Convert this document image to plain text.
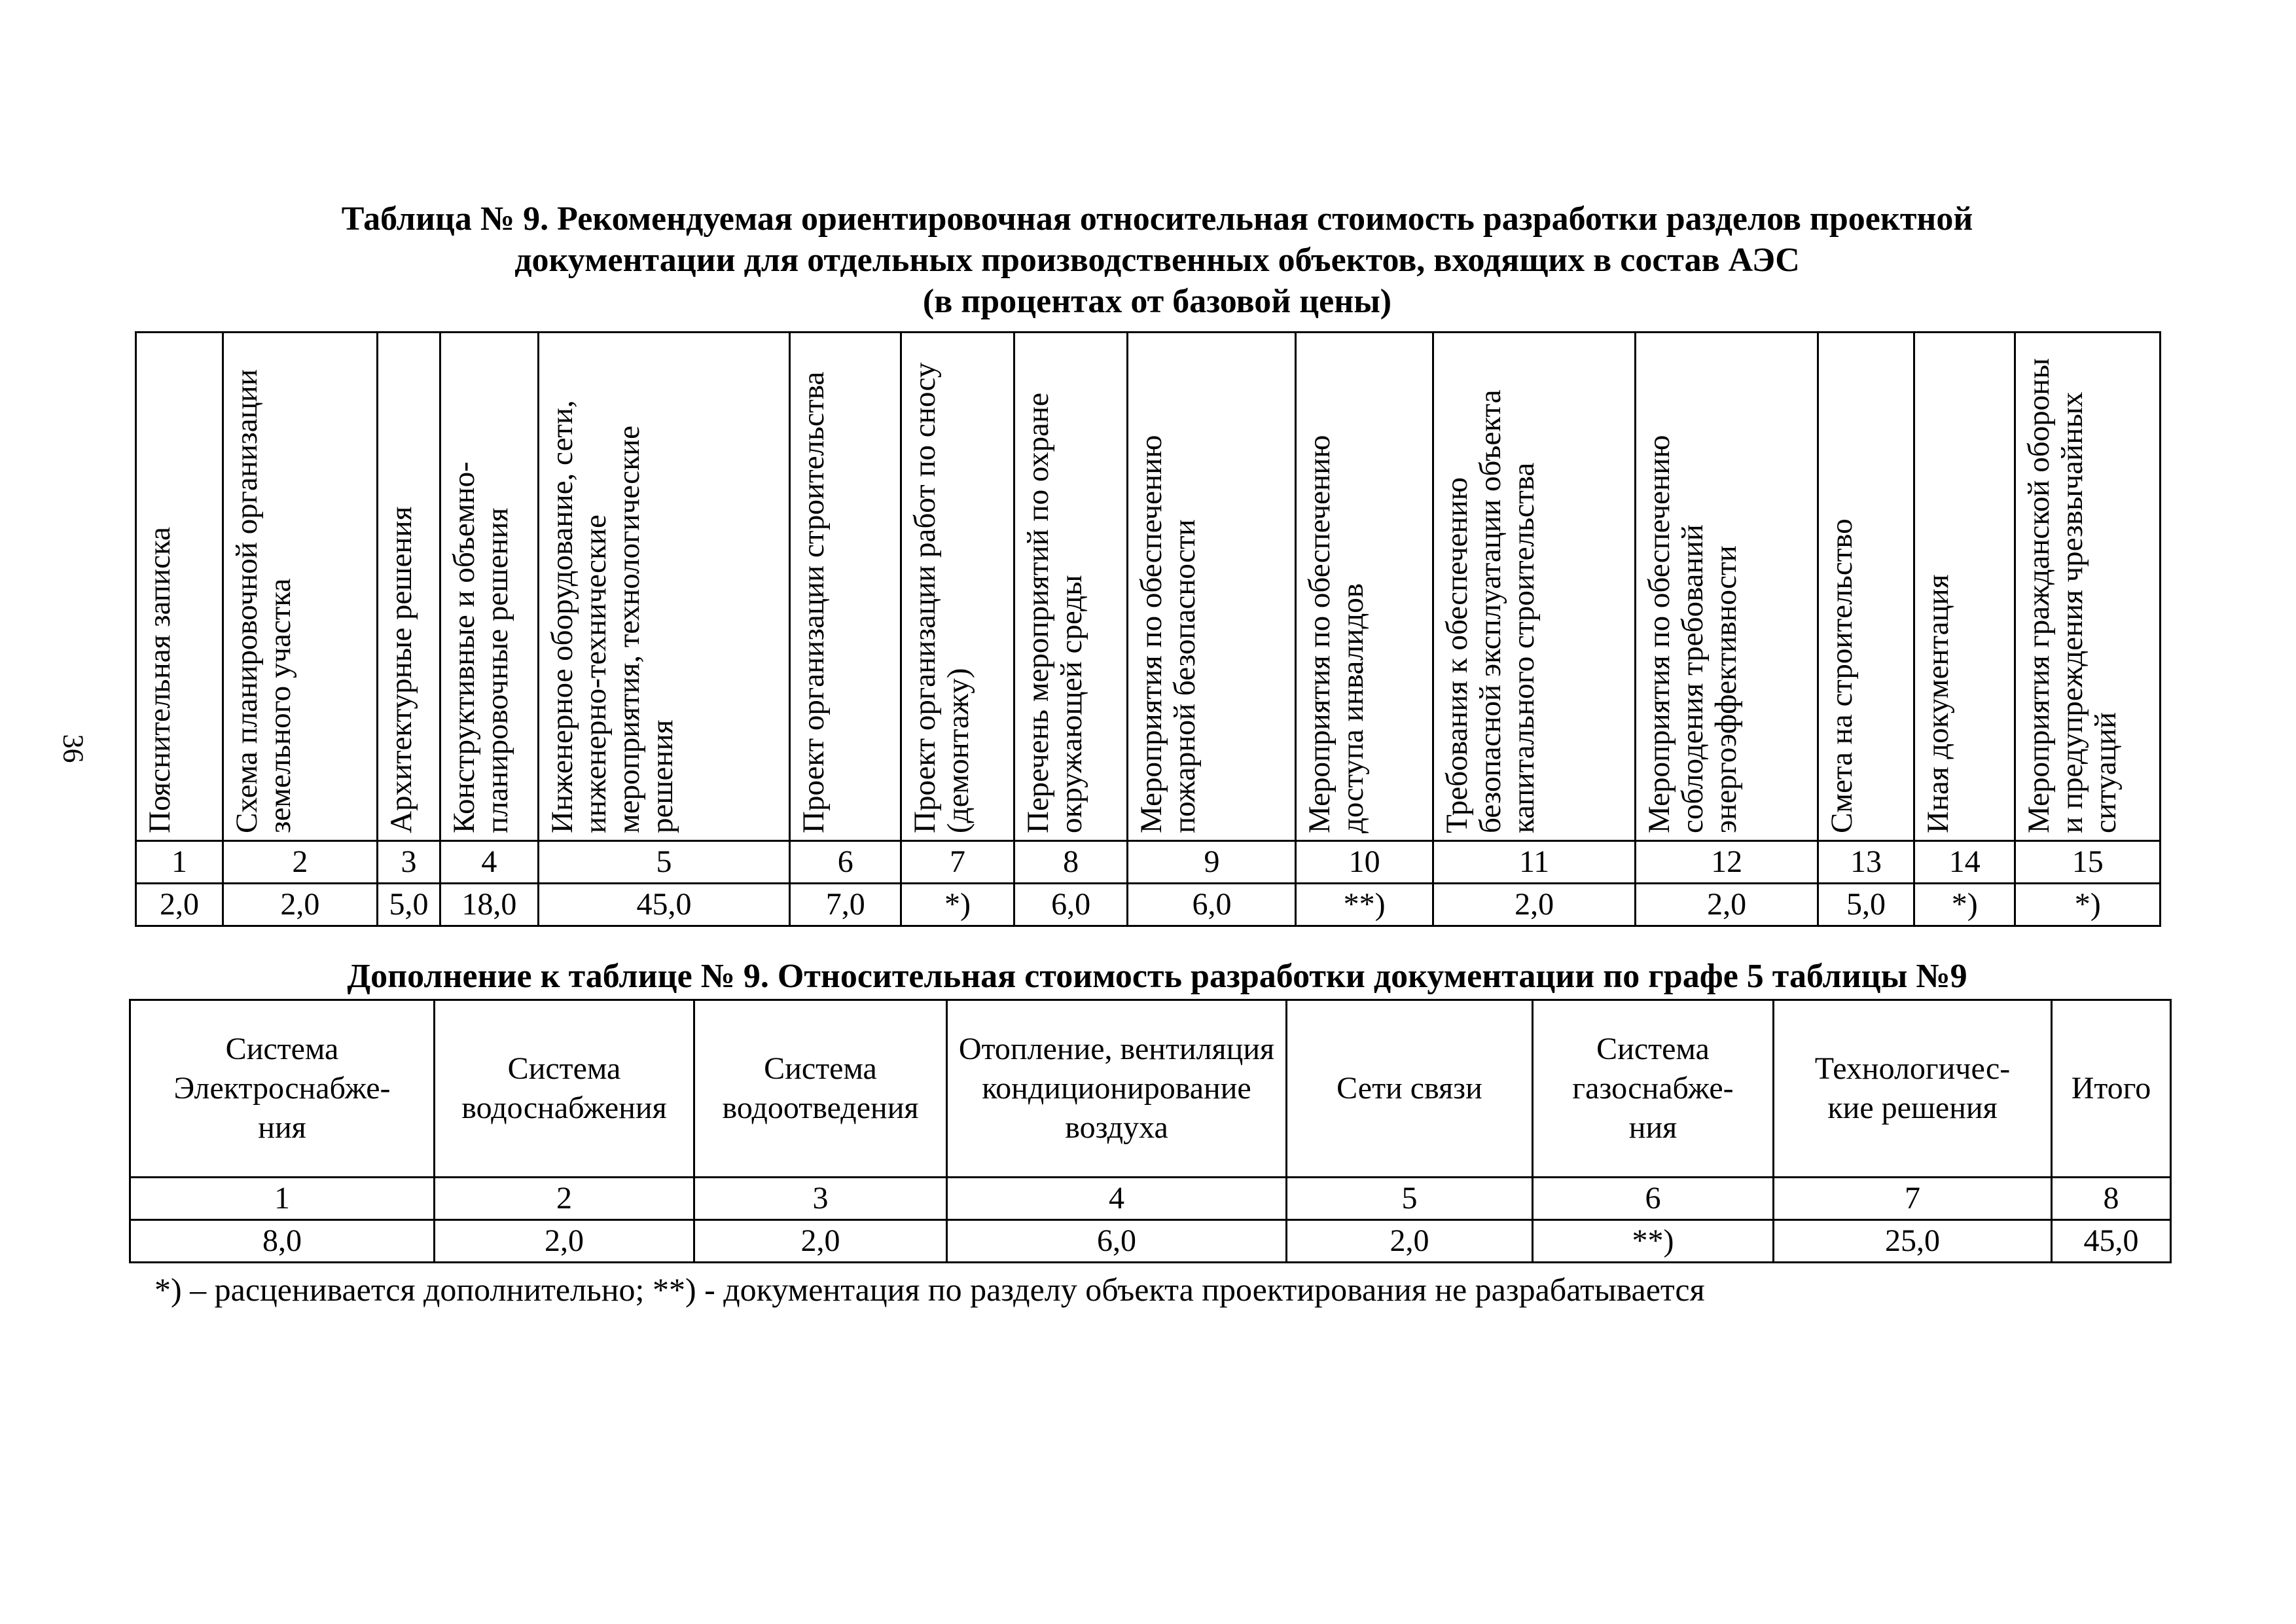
36
Таблица № 9. Рекомендуемая ориентировочная относительная стоимость разработки разделов проектной
документации для отдельных производственных объектов, входящих в состав АЭС
(в процентах от базовой цены)
Пояснительная записка	Схема планировочной организации земельного участка	Архитектурные решения	Конструктивные и объемно-планировочные решения	Инженерное оборудование, сети, инженерно-технические мероприятия, технологические решения	Проект организации строительства	Проект организации работ по сносу (демонтажу)	Перечень мероприятий по охране окружающей среды	Мероприятия по обеспечению пожарной безопасности	Мероприятия по обеспечению доступа инвалидов	Требования к обеспечению безопасной эксплуатации объекта капитального строительства	Мероприятия по обеспечению соблодения требований энергоэффективности	Смета на строительство	Иная документация	Мероприятия гражданской обороны и предупреждения чрезвычайных ситуаций

1	2	3	4	5	6	7	8	9	10	11	12	13	14	15
2,0	2,0	5,0	18,0	45,0	7,0	*)	6,0	6,0	**)	2,0	2,0	5,0	*)	*)
Дополнение к таблице № 9. Относительная стоимость разработки документации по графе 5 таблицы №9
Система Электроснабже-ния	Система водоснабжения	Система водоотведения	Отопление, вентиляция кондиционирование воздуха	Сети связи	Система газоснабже-ния	Технологичес-кие решения	Итого
1	2	3	4	5	6	7	8
8,0	2,0	2,0	6,0	2,0	**)	25,0	45,0
*) – расценивается дополнительно; **) - документация по разделу объекта проектирования не разрабатывается
